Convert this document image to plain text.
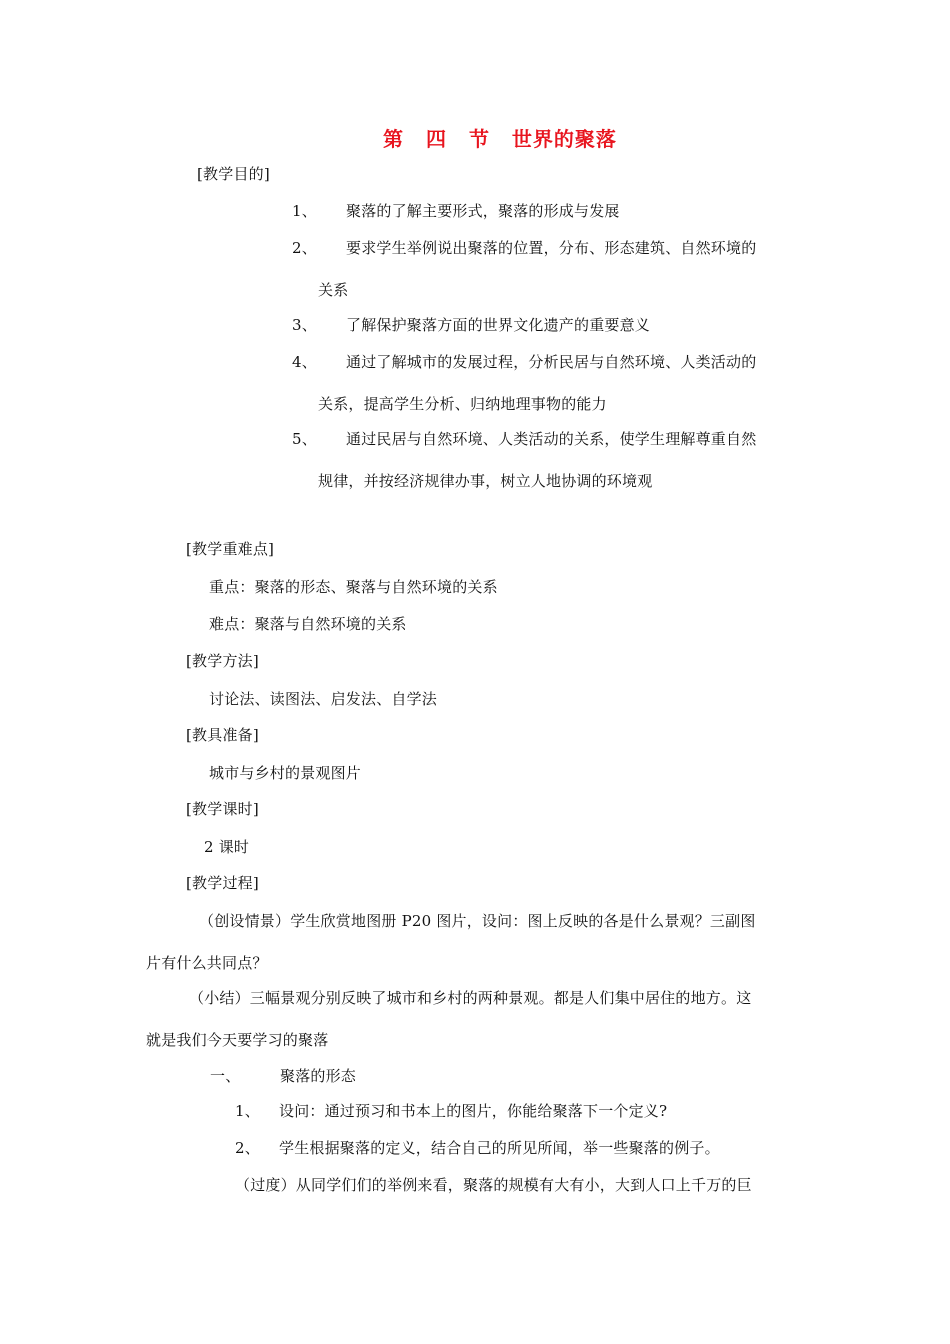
第 四 节 世界的聚落
[教学目的]
1、 聚落的了解主要形式，聚落的形成与发展
2、 要求学生举例说出聚落的位置，分布、形态建筑、自然环境的
关系
3、 了解保护聚落方面的世界文化遗产的重要意义
4、 通过了解城市的发展过程，分析民居与自然环境、人类活动的
关系，提高学生分析、归纳地理事物的能力
5、 通过民居与自然环境、人类活动的关系，使学生理解尊重自然
规律，并按经济规律办事，树立人地协调的环境观
[教学重难点]
重点：聚落的形态、聚落与自然环境的关系
难点：聚落与自然环境的关系
[教学方法]
讨论法、读图法、启发法、自学法
[教具准备]
城市与乡村的景观图片
[教学课时]
2 课时
[教学过程]
（创设情景）学生欣赏地图册 P20 图片，设问：图上反映的各是什么景观？三副图
片有什么共同点？
（小结）三幅景观分别反映了城市和乡村的两种景观。都是人们集中居住的地方。这
就是我们今天要学习的聚落
一、	聚落的形态
1、 设问：通过预习和书本上的图片，你能给聚落下一个定义?
2、 学生根据聚落的定义，结合自己的所见所闻，举一些聚落的例子。
（过度）从同学们们的举例来看，聚落的规模有大有小，大到人口上千万的巨
